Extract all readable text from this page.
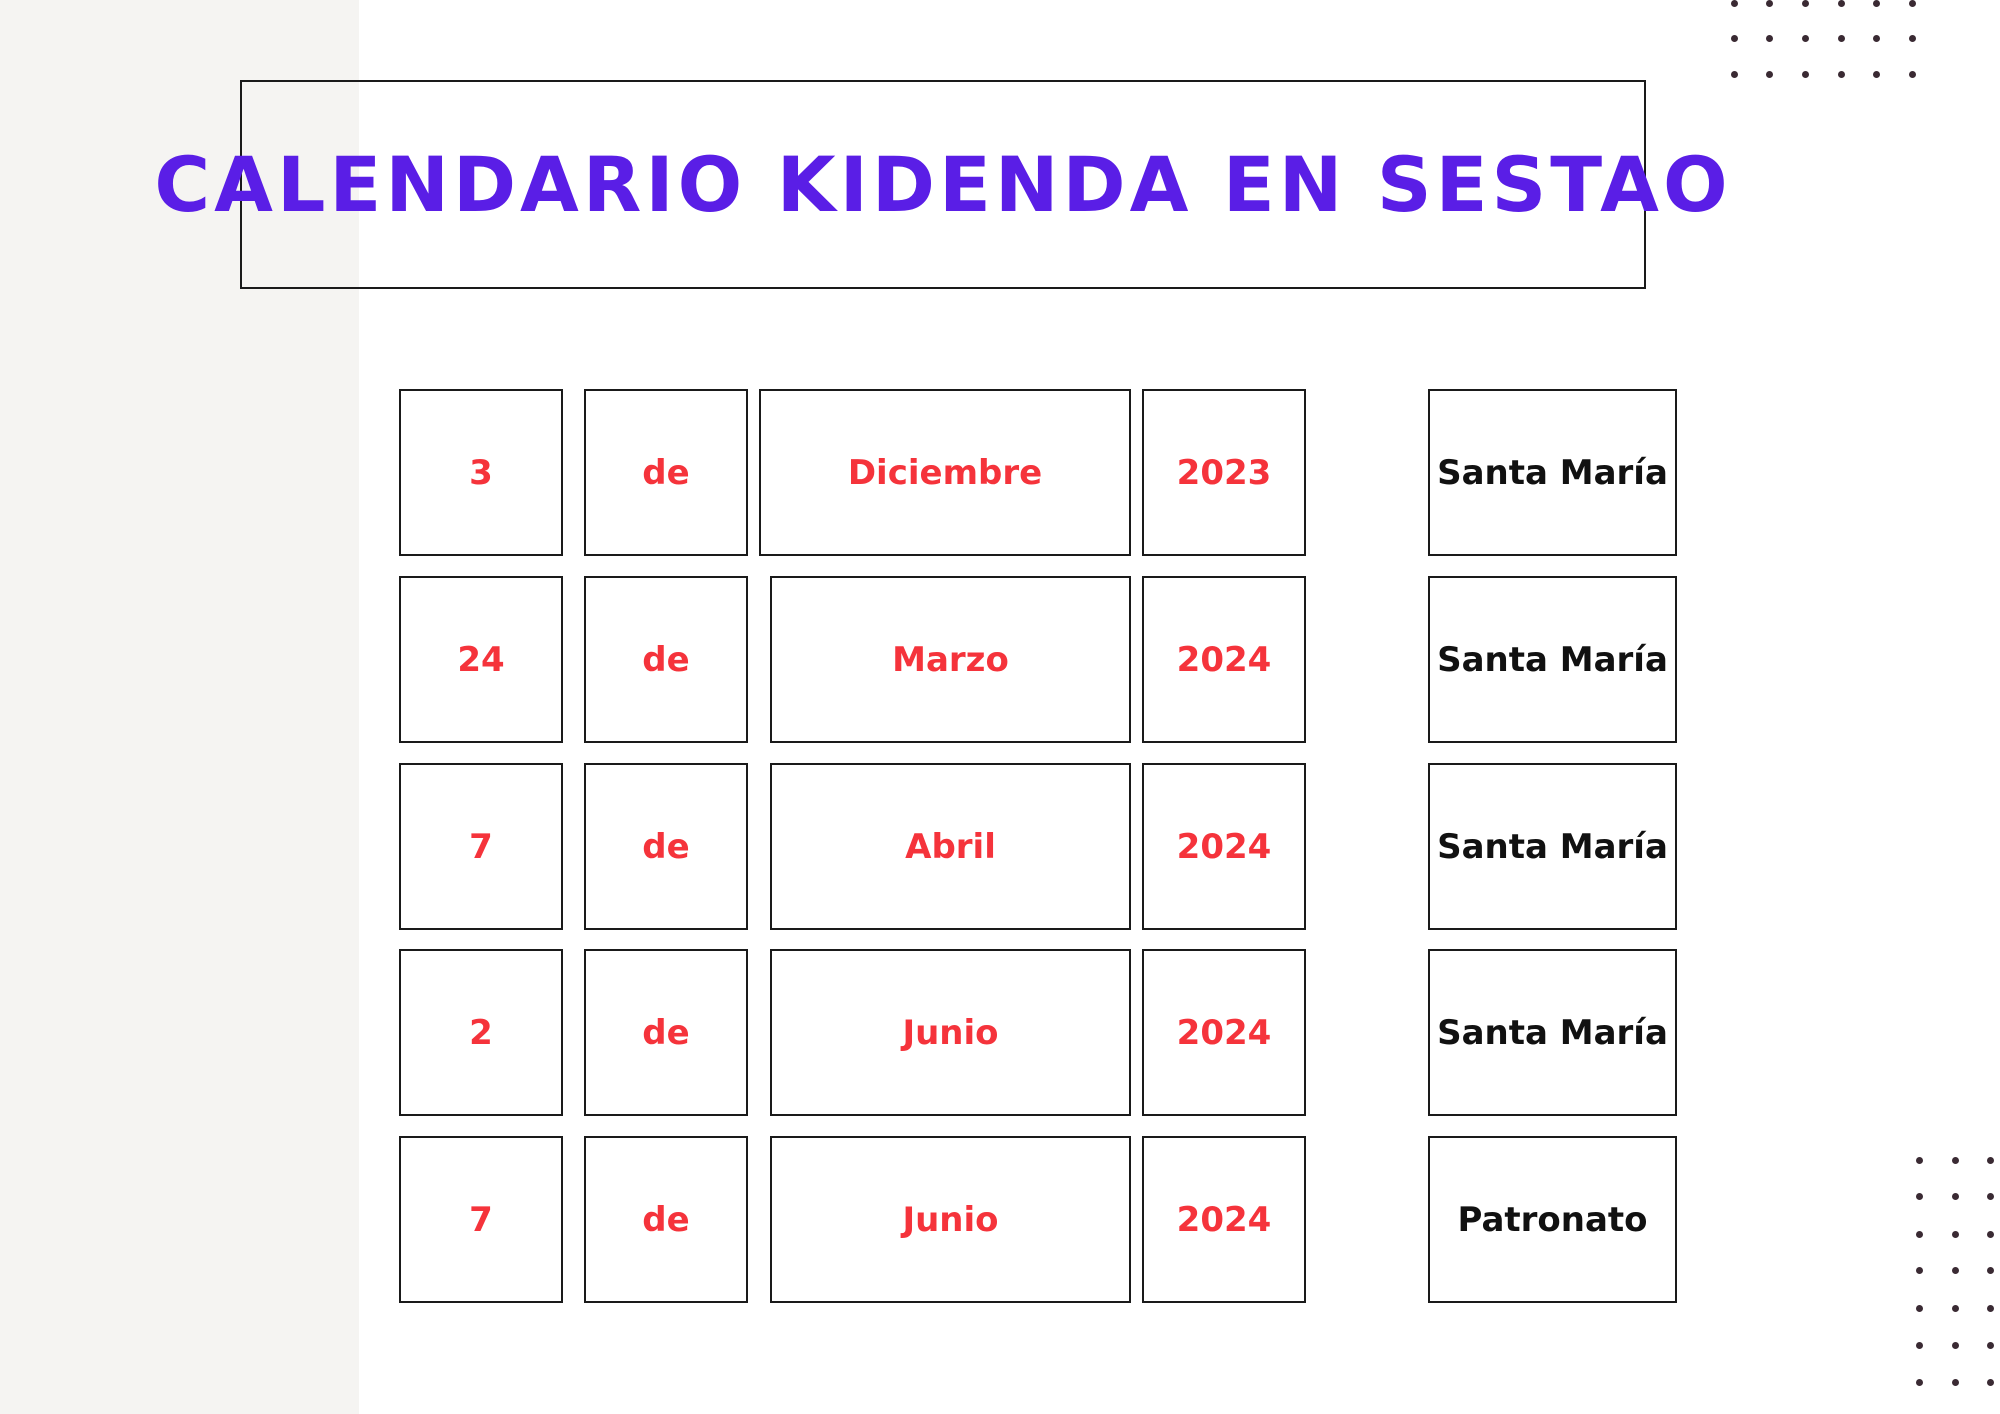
CALENDARIO KIDENDA EN SESTAO
3	de	Diciembre	2023	Santa María
24	de	Marzo	2024	Santa María
7	de	Abril	2024	Santa María
2	de	Junio	2024	Santa María
7	de	Junio	2024	Patronato
